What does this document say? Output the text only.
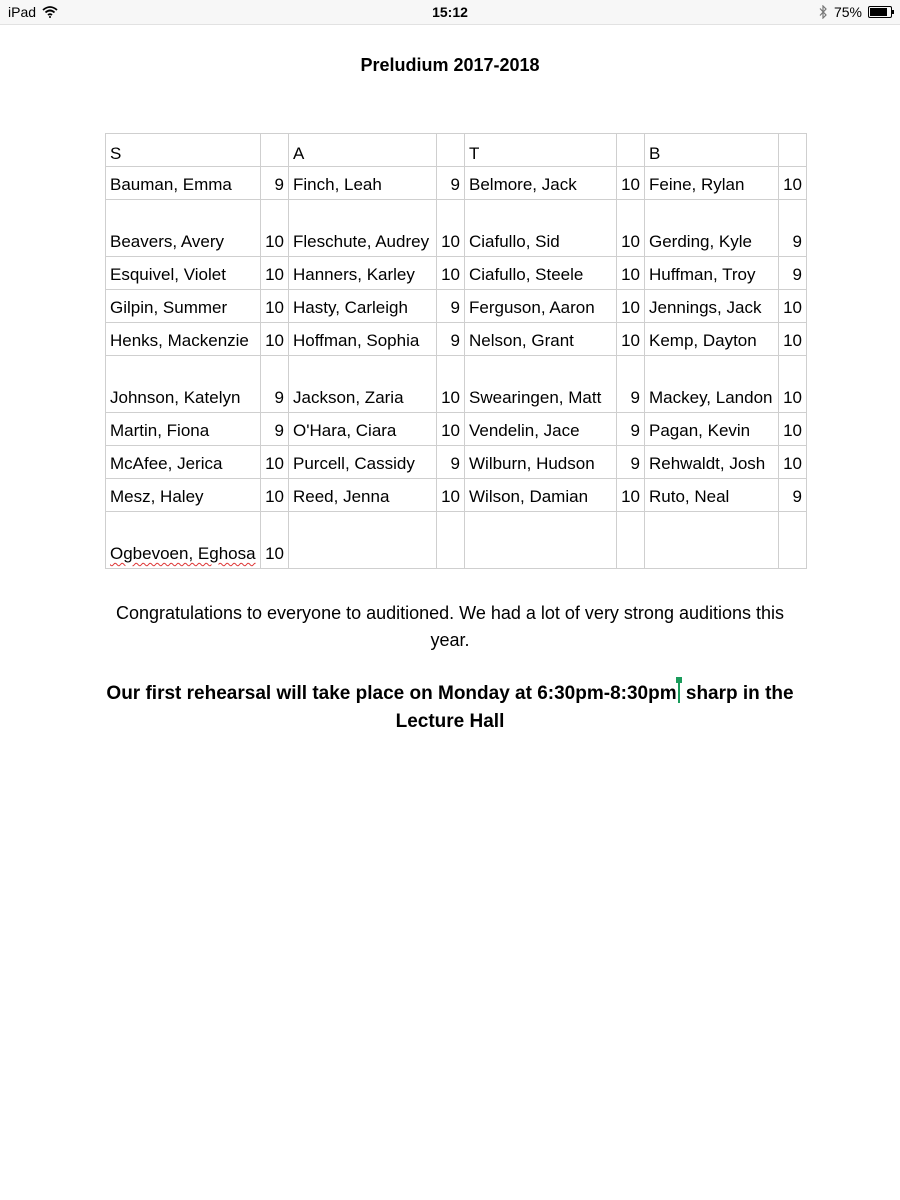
iPad	15:12	75%
Preludium 2017-2018
S		A		T		B	

Bauman, Emma	9	Finch, Leah	9	Belmore, Jack	10	Feine, Rylan	10

Beavers, Avery	10	Fleschute, Audrey	10	Ciafullo, Sid	10	Gerding, Kyle	9

Esquivel, Violet	10	Hanners, Karley	10	Ciafullo, Steele	10	Huffman, Troy	9

Gilpin, Summer	10	Hasty, Carleigh	9	Ferguson, Aaron	10	Jennings, Jack	10

Henks, Mackenzie	10	Hoffman, Sophia	9	Nelson, Grant	10	Kemp, Dayton	10

Johnson, Katelyn	9	Jackson, Zaria	10	Swearingen, Matt	9	Mackey, Landon	10

Martin, Fiona	9	O'Hara, Ciara	10	Vendelin, Jace	9	Pagan, Kevin	10

McAfee, Jerica	10	Purcell, Cassidy	9	Wilburn, Hudson	9	Rehwaldt, Josh	10

Mesz, Haley	10	Reed, Jenna	10	Wilson, Damian	10	Ruto, Neal	9

Ogbevoen, Eghosa	10						

Congratulations to everyone to auditioned. We had a lot of very strong auditions this year.
Our first rehearsal will take place on Monday at 6:30pm-8:30pm sharp in the Lecture Hall
